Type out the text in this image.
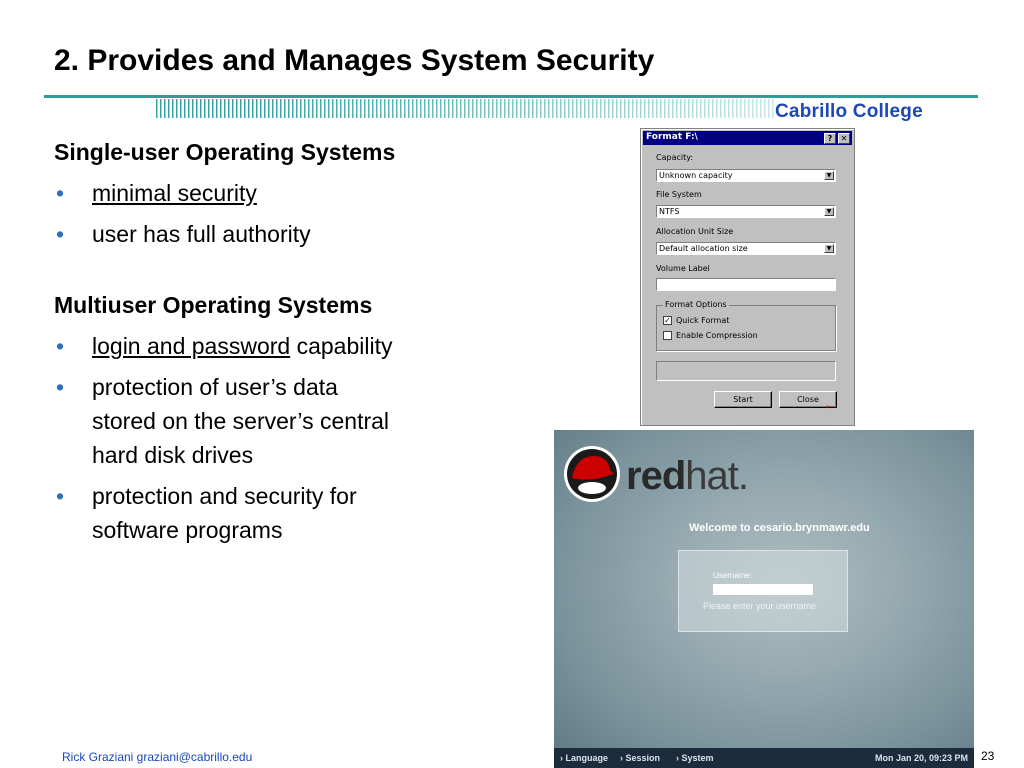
2. Provides and Manages System Security
Cabrillo College
Single-user Operating Systems
• minimal security
• user has full authority
Multiuser Operating Systems
• login and password capability
• protection of user’s data
stored on the server’s central
hard disk drives
• protection and security for
software programs
Format F:\	?	✕
Capacity:
Unknown capacity	▼
File System
NTFS	▼
Allocation Unit Size
Default allocation size	▼
Volume Label
Format Options
✓ Quick Format
Enable Compression
Start	Close ←
redhat.
Welcome to cesario.brynmawr.edu
Username:
Please enter your username
› Language › Session › System	Mon Jan 20, 09:23 PM
Rick Graziani graziani@cabrillo.edu	23
